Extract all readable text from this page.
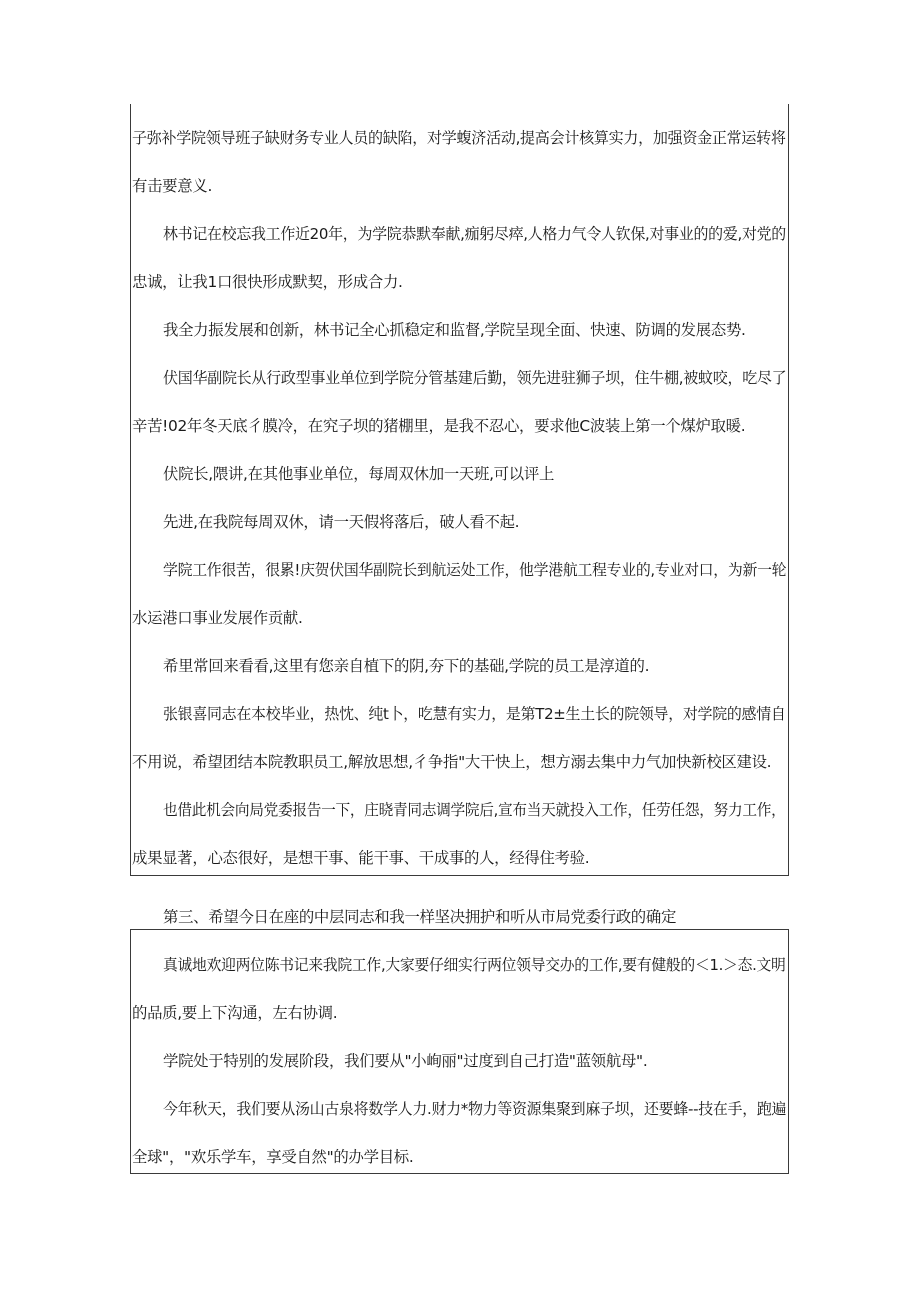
子弥补学院领导班子缺财务专业人员的缺陷，对学蝮济活动,提高会计核算实力，加强资金正常运转将
有击要意义.
林书记在校忘我工作近20年，为学院恭默奉献,痂躬尽瘁,人格力气令人钦保,对事业的的爱,对党的
忠诚，让我1口很快形成默契，形成合力.
我全力振发展和创新，林书记全心抓稳定和监督,学院呈现全面、快速、防调的发展态势.
伏国华副院长从行政型事业单位到学院分管基建后勤，领先进驻狮子坝，住牛棚,被蚊咬，吃尽了
辛苦!02年冬天底彳膜冷，在究子坝的猪棚里，是我不忍心，要求他C波装上第一个煤炉取暖.
伏院长,隈讲,在其他事业单位，每周双休加一天班,可以评上
先进,在我院每周双休，请一天假将落后，破人看不起.
学院工作很苦，很累!庆贺伏国华副院长到航运处工作，他学港航工程专业的,专业对口，为新一轮
水运港口事业发展作贡献.
希里常回来看看,这里有您亲自植下的阴,夯下的基础,学院的员工是淳道的.
张银喜同志在本校毕业，热忱、纯t卜，吃慧有实力，是第T2±生土长的院领导，对学院的感情自
不用说，希望团结本院教职员工,解放思想,彳争指"大干快上，想方溺去集中力气加快新校区建设.
也借此机会向局党委报告一下，庄晓青同志调学院后,宣布当天就投入工作，任劳任怨，努力工作，
成果显著，心态很好，是想干事、能干事、干成事的人，经得住考验.
第三、希望今日在座的中层同志和我一样坚决拥护和听从市局党委行政的确定
真诚地欢迎两位陈书记来我院工作,大家要仔细实行两位领导交办的工作,要有健般的＜1.＞态.文明
的品质,要上下沟通，左右协调.
学院处于特别的发展阶段，我们要从"小峋丽"过度到自己打造"蓝领航母".
今年秋天，我们要从汤山古泉将数学人力.财力*物力等资源集聚到麻子坝，还要蜂--技在手，跑遍
全球"，"欢乐学车，享受自然"的办学目标.
